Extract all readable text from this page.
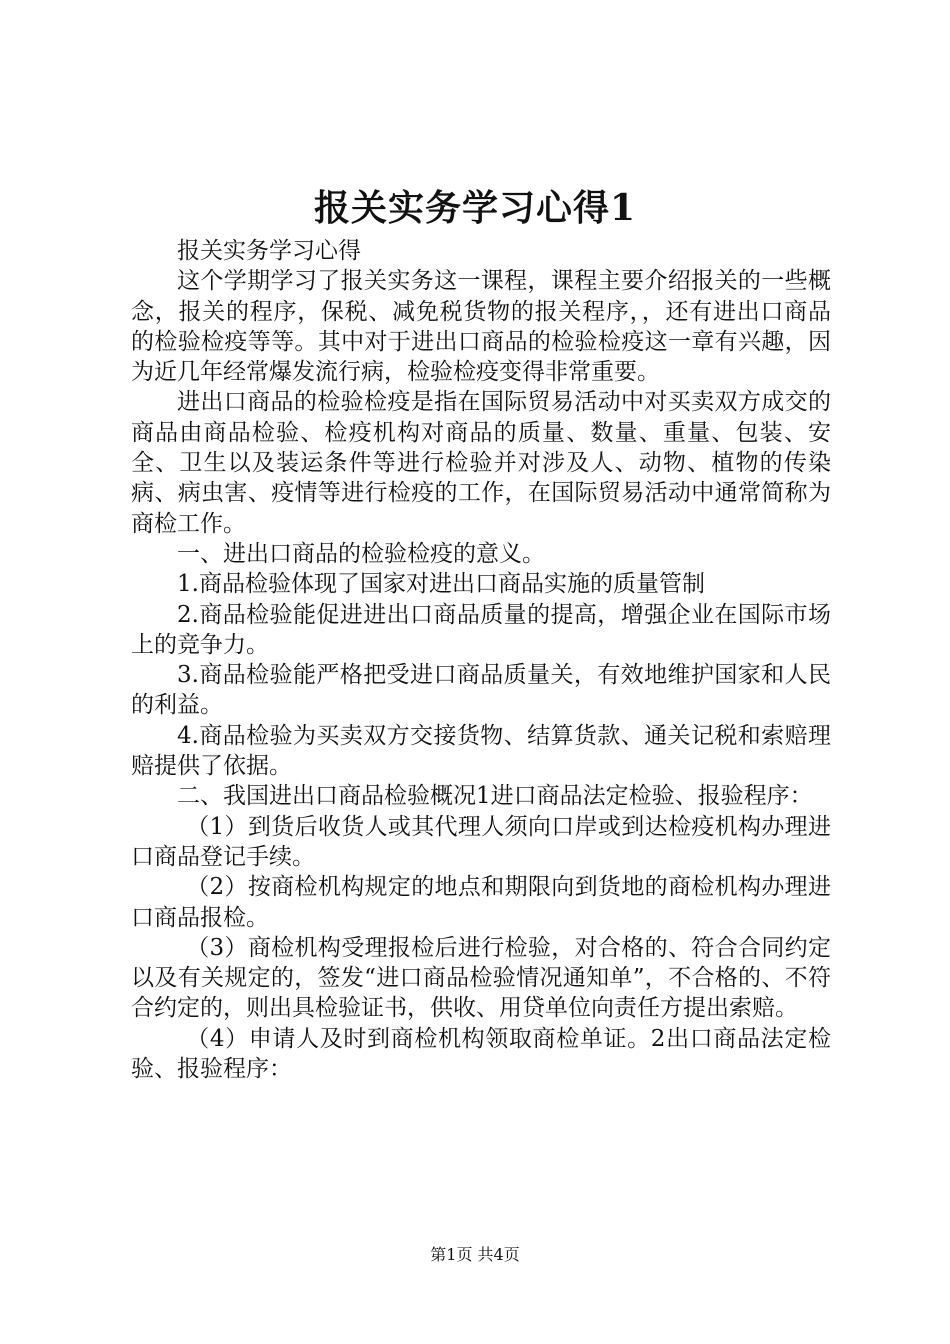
报关实务学习心得1

报关实务学习心得

这个学期学习了报关实务这一课程，课程主要介绍报关的一些概念，报关的程序，保税、减免税货物的报关程序，，还有进出口商品的检验检疫等等。其中对于进出口商品的检验检疫这一章有兴趣，因为近几年经常爆发流行病，检验检疫变得非常重要。

进出口商品的检验检疫是指在国际贸易活动中对买卖双方成交的商品由商品检验、检疫机构对商品的质量、数量、重量、包装、安全、卫生以及装运条件等进行检验并对涉及人、动物、植物的传染病、病虫害、疫情等进行检疫的工作，在国际贸易活动中通常简称为商检工作。

一、进出口商品的检验检疫的意义。

1.商品检验体现了国家对进出口商品实施的质量管制

2.商品检验能促进进出口商品质量的提高，增强企业在国际市场上的竞争力。

3.商品检验能严格把受进口商品质量关，有效地维护国家和人民的利益。

4.商品检验为买卖双方交接货物、结算货款、通关记税和索赔理赔提供了依据。

二、我国进出口商品检验概况1进口商品法定检验、报验程序：

（1）到货后收货人或其代理人须向口岸或到达检疫机构办理进口商品登记手续。

（2）按商检机构规定的地点和期限向到货地的商检机构办理进口商品报检。

（3）商检机构受理报检后进行检验，对合格的、符合合同约定以及有关规定的，签发“进口商品检验情况通知单”，不合格的、不符合约定的，则出具检验证书，供收、用贷单位向责任方提出索赔。

（4）申请人及时到商检机构领取商检单证。2出口商品法定检验、报验程序：

第1页 共4页
